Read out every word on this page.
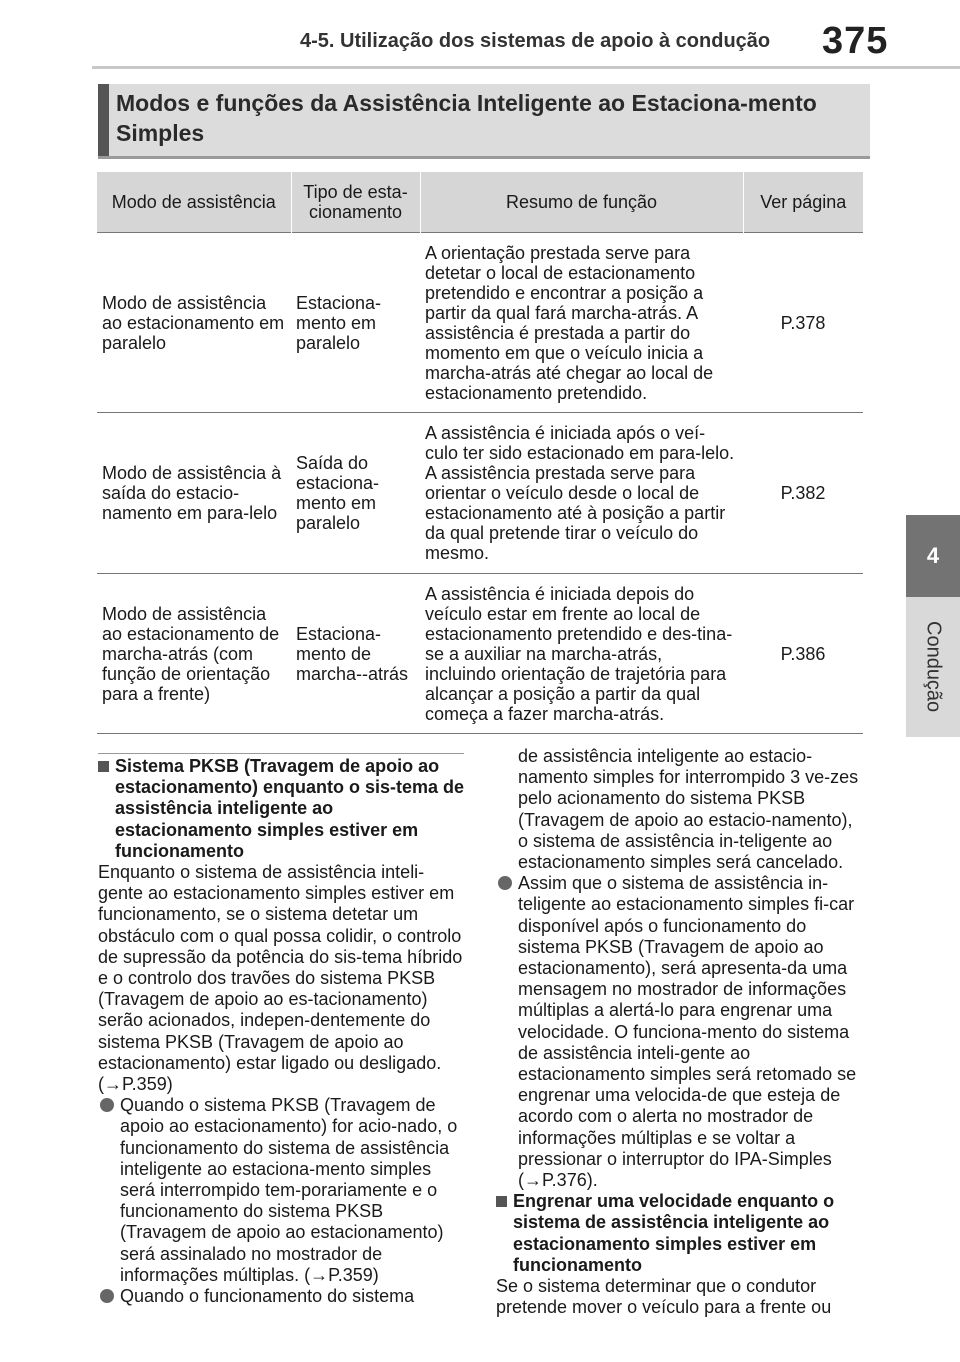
4-5. Utilização dos sistemas de apoio à condução 375
4
Condução
Modos e funções da Assistência Inteligente ao Estaciona-mento Simples
Modo de assistência	Tipo de esta-cionamento	Resumo de função	Ver página
Modo de assistência ao estacionamento em paralelo	Estaciona-mento em paralelo	A orientação prestada serve para detetar o local de estacionamento pretendido e encontrar a posição a partir da qual fará marcha-atrás. A assistência é prestada a partir do momento em que o veículo inicia a marcha-atrás até chegar ao local de estacionamento pretendido.	P.378
Modo de assistência à saída do estacio-namento em para-lelo	Saída do estaciona-mento em paralelo	A assistência é iniciada após o veí-culo ter sido estacionado em para-lelo. A assistência prestada serve para orientar o veículo desde o local de estacionamento até à posição a partir da qual pretende tirar o veículo do mesmo.	P.382
Modo de assistência ao estacionamento de marcha-atrás (com função de orientação para a frente)	Estaciona-mento de marcha--atrás	A assistência é iniciada depois do veículo estar em frente ao local de estacionamento pretendido e des-tina-se a auxiliar na marcha-atrás, incluindo orientação de trajetória para alcançar a posição a partir da qual começa a fazer marcha-atrás.	P.386
Sistema PKSB (Travagem de apoio ao estacionamento) enquanto o sis-tema de assistência inteligente ao estacionamento simples estiver em funcionamento

Enquanto o sistema de assistência inteli-gente ao estacionamento simples estiver em funcionamento, se o sistema detetar um obstáculo com o qual possa colidir, o controlo de supressão da potência do sis-tema híbrido e o controlo dos travões do sistema PKSB (Travagem de apoio ao es-tacionamento) serão acionados, indepen-dentemente do sistema PKSB (Travagem de apoio ao estacionamento) estar ligado ou desligado. (→P.359)

Quando o sistema PKSB (Travagem de apoio ao estacionamento) for acio-nado, o funcionamento do sistema de assistência inteligente ao estaciona-mento simples será interrompido tem-porariamente e o funcionamento do sistema PKSB (Travagem de apoio ao estacionamento) será assinalado no mostrador de informações múltiplas. (→P.359)
Quando o funcionamento do sistema
de assistência inteligente ao estacio-namento simples for interrompido 3 ve-zes pelo acionamento do sistema PKSB (Travagem de apoio ao estacio-namento), o sistema de assistência in-teligente ao estacionamento simples será cancelado.
Assim que o sistema de assistência in-teligente ao estacionamento simples fi-car disponível após o funcionamento do sistema PKSB (Travagem de apoio ao estacionamento), será apresenta-da uma mensagem no mostrador de informações múltiplas a alertá-lo para engrenar uma velocidade. O funciona-mento do sistema de assistência inteli-gente ao estacionamento simples será retomado se engrenar uma velocida-de que esteja de acordo com o alerta no mostrador de informações múltiplas e se voltar a pressionar o interruptor do IPA-Simples (→P.376).
Engrenar uma velocidade enquanto o sistema de assistência inteligente ao estacionamento simples estiver em funcionamento

Se o sistema determinar que o condutor pretende mover o veículo para a frente ou
